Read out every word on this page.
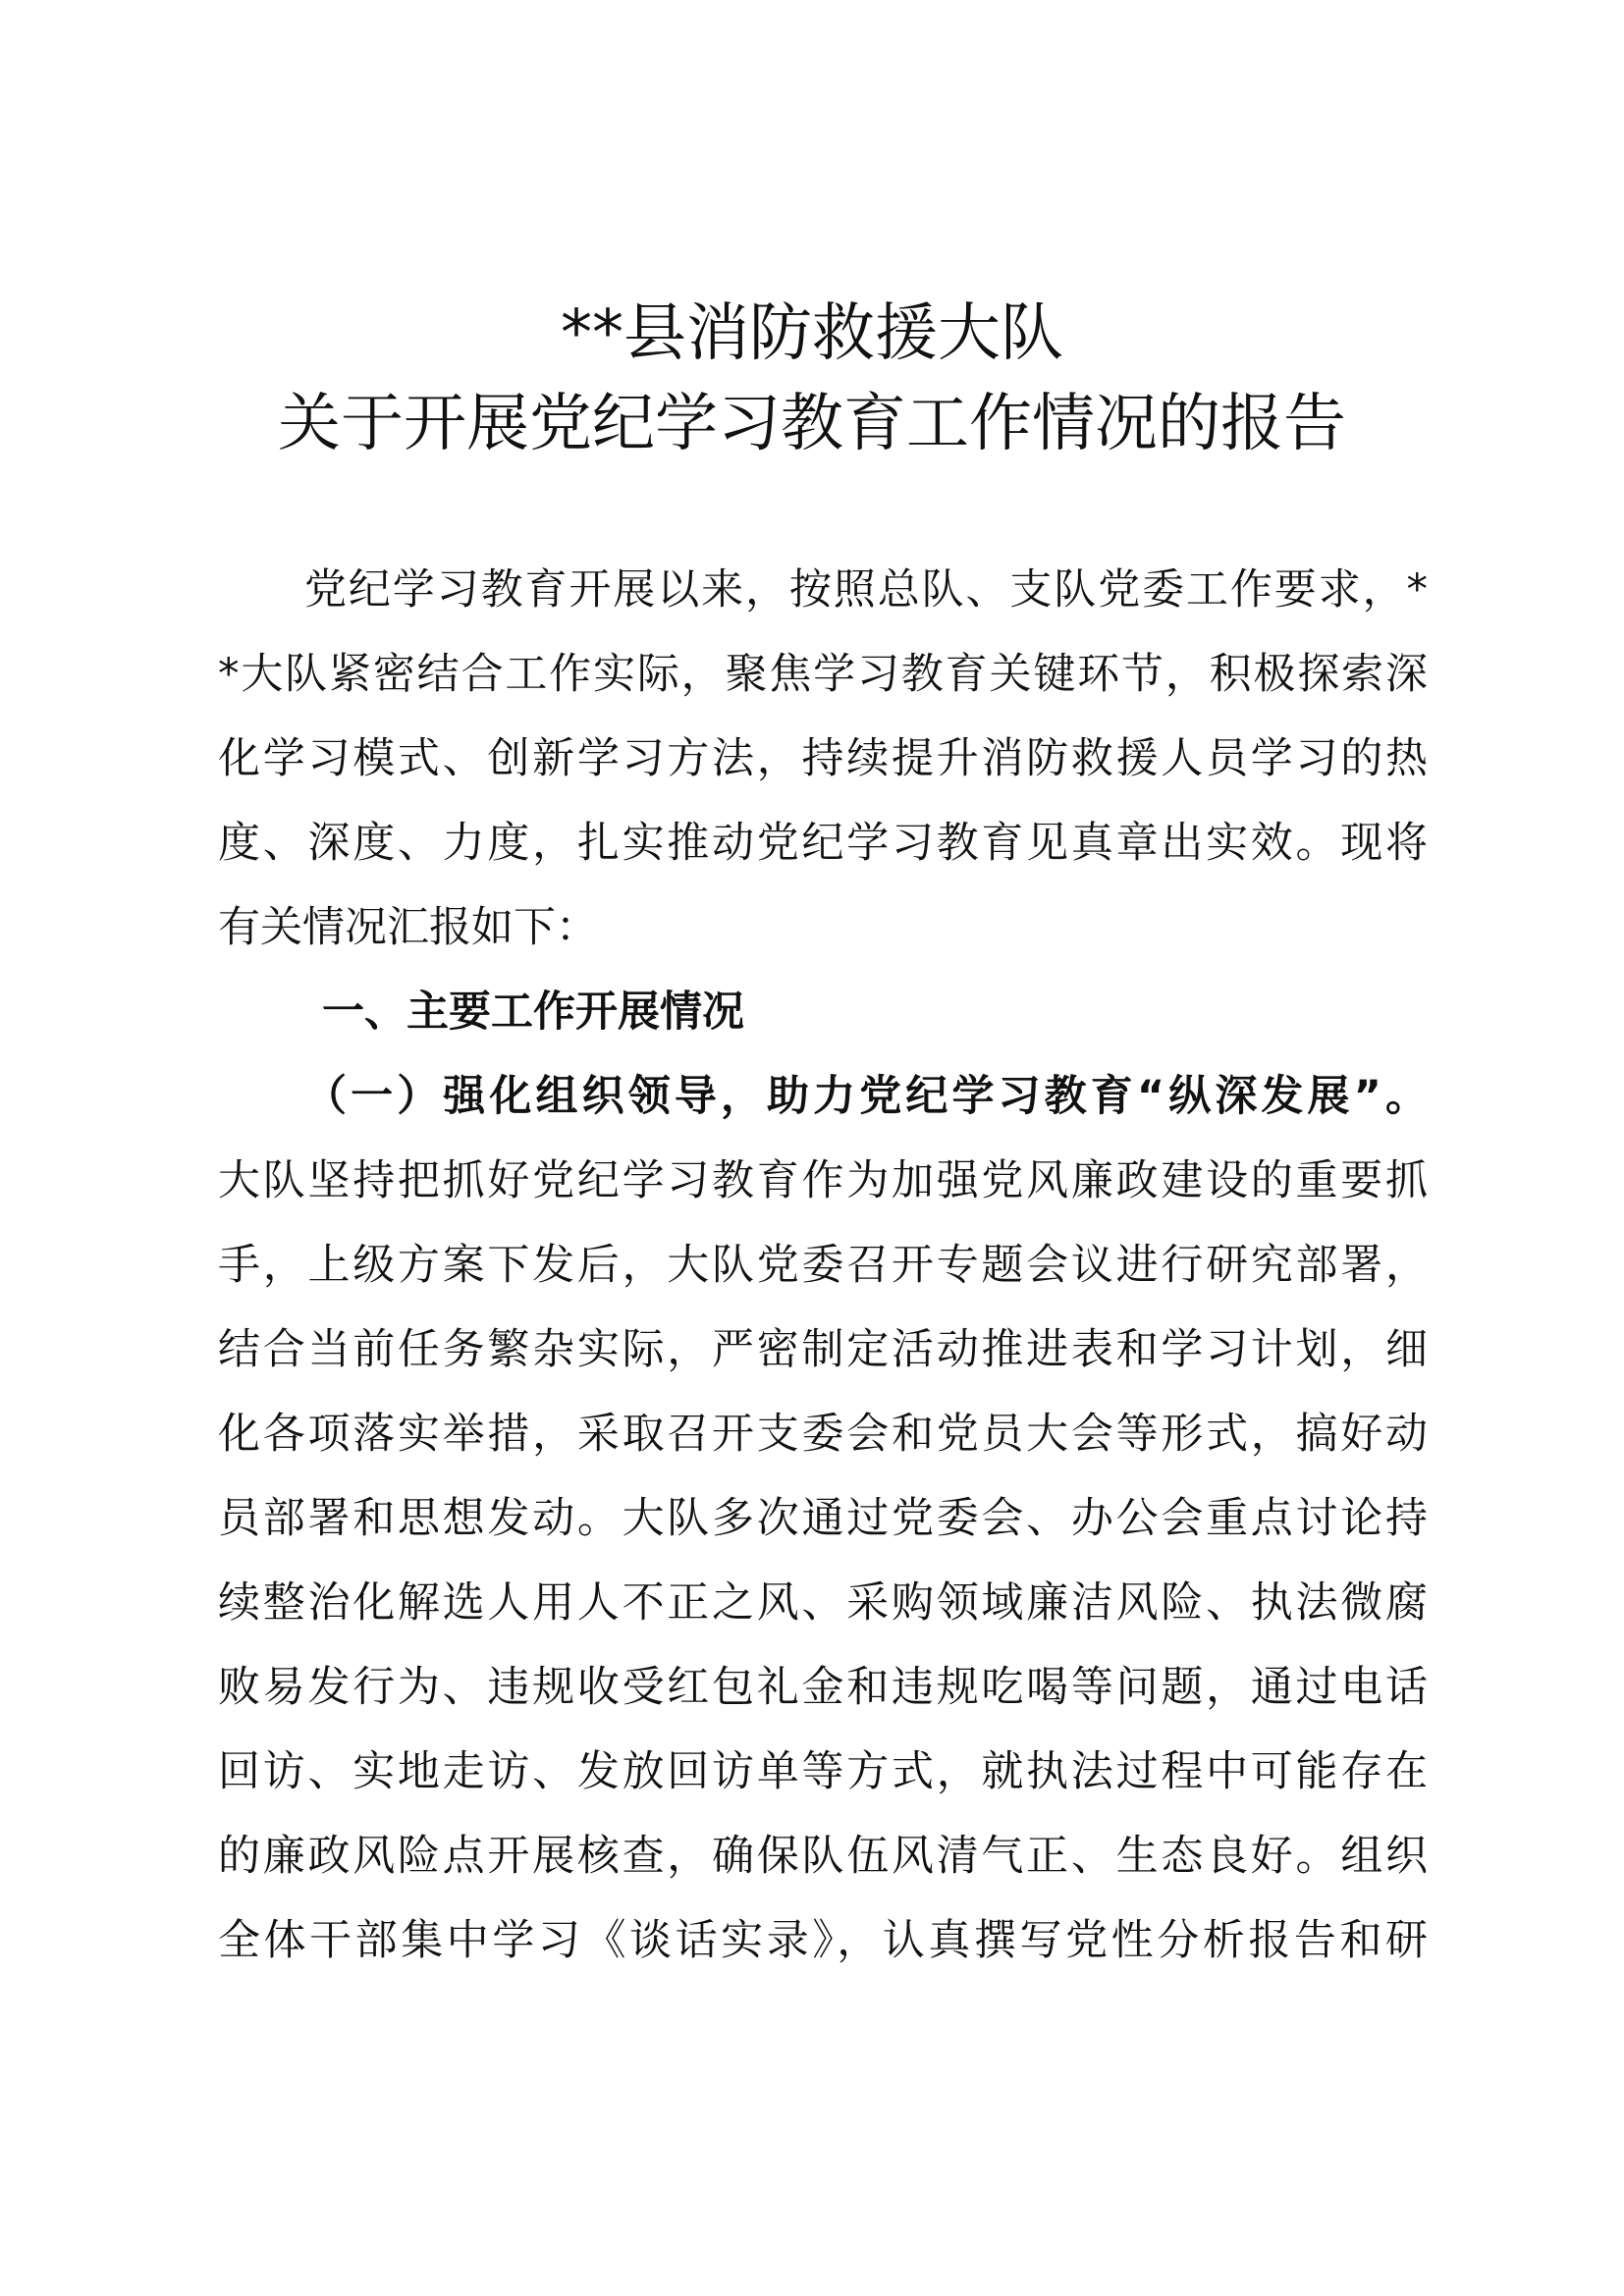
**县消防救援大队
关于开展党纪学习教育工作情况的报告
党纪学习教育开展以来，按照总队、支队党委工作要求，*
*大队紧密结合工作实际，聚焦学习教育关键环节，积极探索深
化学习模式、创新学习方法，持续提升消防救援人员学习的热
度、深度、力度，扎实推动党纪学习教育见真章出实效。现将
有关情况汇报如下：
一、主要工作开展情况
（一）强化组织领导，助力党纪学习教育“纵深发展”。
大队坚持把抓好党纪学习教育作为加强党风廉政建设的重要抓
手，上级方案下发后，大队党委召开专题会议进行研究部署，
结合当前任务繁杂实际，严密制定活动推进表和学习计划，细
化各项落实举措，采取召开支委会和党员大会等形式，搞好动
员部署和思想发动。大队多次通过党委会、办公会重点讨论持
续整治化解选人用人不正之风、采购领域廉洁风险、执法微腐
败易发行为、违规收受红包礼金和违规吃喝等问题，通过电话
回访、实地走访、发放回访单等方式，就执法过程中可能存在
的廉政风险点开展核查，确保队伍风清气正、生态良好。组织
全体干部集中学习《谈话实录》，认真撰写党性分析报告和研
